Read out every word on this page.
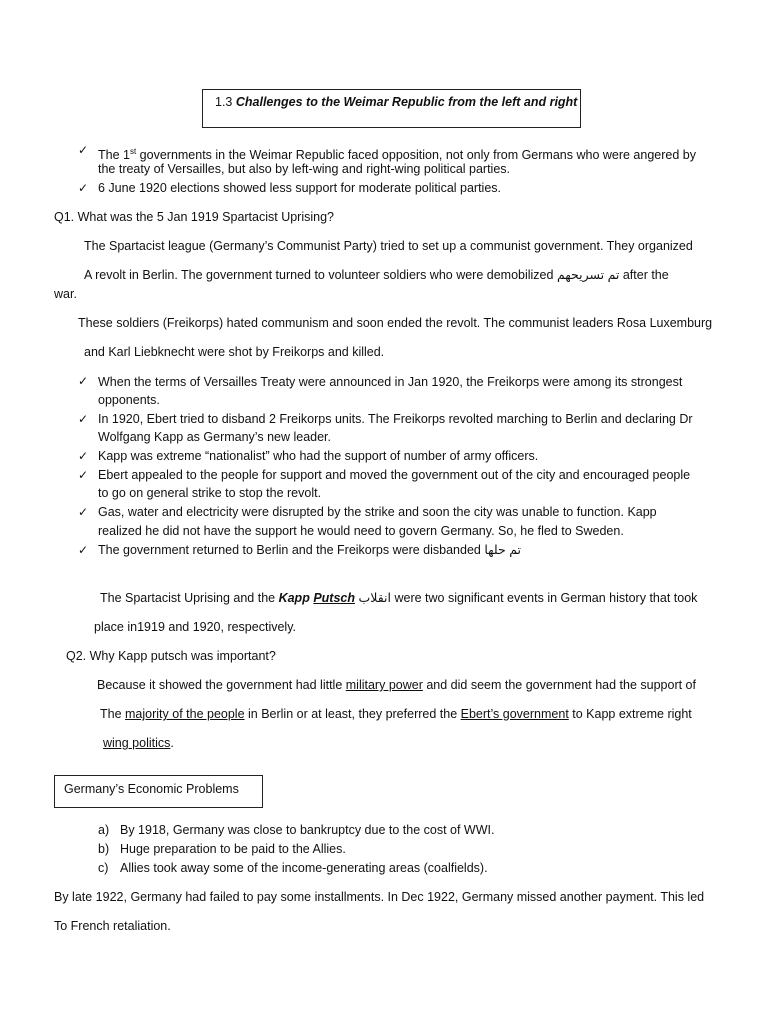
1.3 Challenges to the Weimar Republic from the left and right
✓ The 1st governments in the Weimar Republic faced opposition, not only from Germans who were angered by
the treaty of Versailles, but also by left-wing and right-wing political parties.
✓ 6 June 1920 elections showed less support for moderate political parties.
Q1. What was the 5 Jan 1919 Spartacist Uprising?
The Spartacist league (Germany’s Communist Party) tried to set up a communist government. They organized
A revolt in Berlin. The government turned to volunteer soldiers who were demobilized تم تسريحهم after the
war.
These soldiers (Freikorps) hated communism and soon ended the revolt. The communist leaders Rosa Luxemburg
and Karl Liebknecht were shot by Freikorps and killed.
✓ When the terms of Versailles Treaty were announced in Jan 1920, the Freikorps were among its strongest
opponents.
✓ In 1920, Ebert tried to disband 2 Freikorps units. The Freikorps revolted marching to Berlin and declaring Dr
Wolfgang Kapp as Germany’s new leader.
✓ Kapp was extreme “nationalist” who had the support of number of army officers.
✓ Ebert appealed to the people for support and moved the government out of the city and encouraged people
to go on general strike to stop the revolt.
✓ Gas, water and electricity were disrupted by the strike and soon the city was unable to function. Kapp
realized he did not have the support he would need to govern Germany. So, he fled to Sweden.
✓ The government returned to Berlin and the Freikorps were disbanded تم حلها
The Spartacist Uprising and the Kapp Putsch انقلاب were two significant events in German history that took
place in1919 and 1920, respectively.
Q2. Why Kapp putsch was important?
Because it showed the government had little military power and did seem the government had the support of
The majority of the people in Berlin or at least, they preferred the Ebert’s government to Kapp extreme right
wing politics.
Germany’s Economic Problems
a) By 1918, Germany was close to bankruptcy due to the cost of WWI.
b) Huge preparation to be paid to the Allies.
c) Allies took away some of the income-generating areas (coalfields).
By late 1922, Germany had failed to pay some installments. In Dec 1922, Germany missed another payment. This led
To French retaliation.
